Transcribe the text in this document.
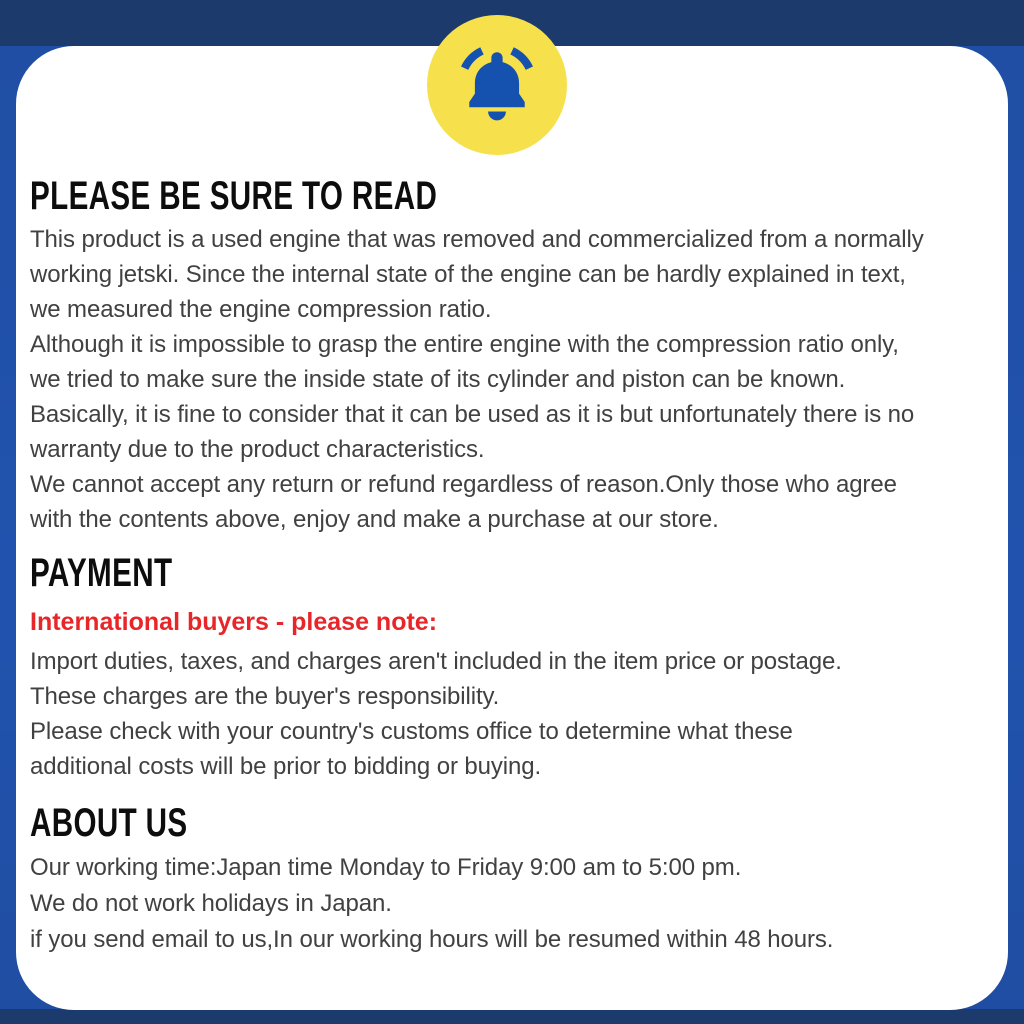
PLEASE BE SURE TO READ
This product is a used engine that was removed and commercialized from a normally
working jetski. Since the internal state of the engine can be hardly explained in text,
we measured the engine compression ratio.
Although it is impossible to grasp the entire engine with the compression ratio only,
we tried to make sure the inside state of its cylinder and piston can be known.
Basically, it is fine to consider that it can be used as it is but unfortunately there is no
warranty due to the product characteristics.
We cannot accept any return or refund regardless of reason.Only those who agree
with the contents above, enjoy and make a purchase at our store.
PAYMENT
International buyers - please note:
Import duties, taxes, and charges aren't included in the item price or postage.
These charges are the buyer's responsibility.
Please check with your country's customs office to determine what these
additional costs will be prior to bidding or buying.
ABOUT US
Our working time:Japan time Monday to Friday 9:00 am to 5:00 pm.
We do not work holidays in Japan.
if you send email to us,In our working hours will be resumed within 48 hours.
